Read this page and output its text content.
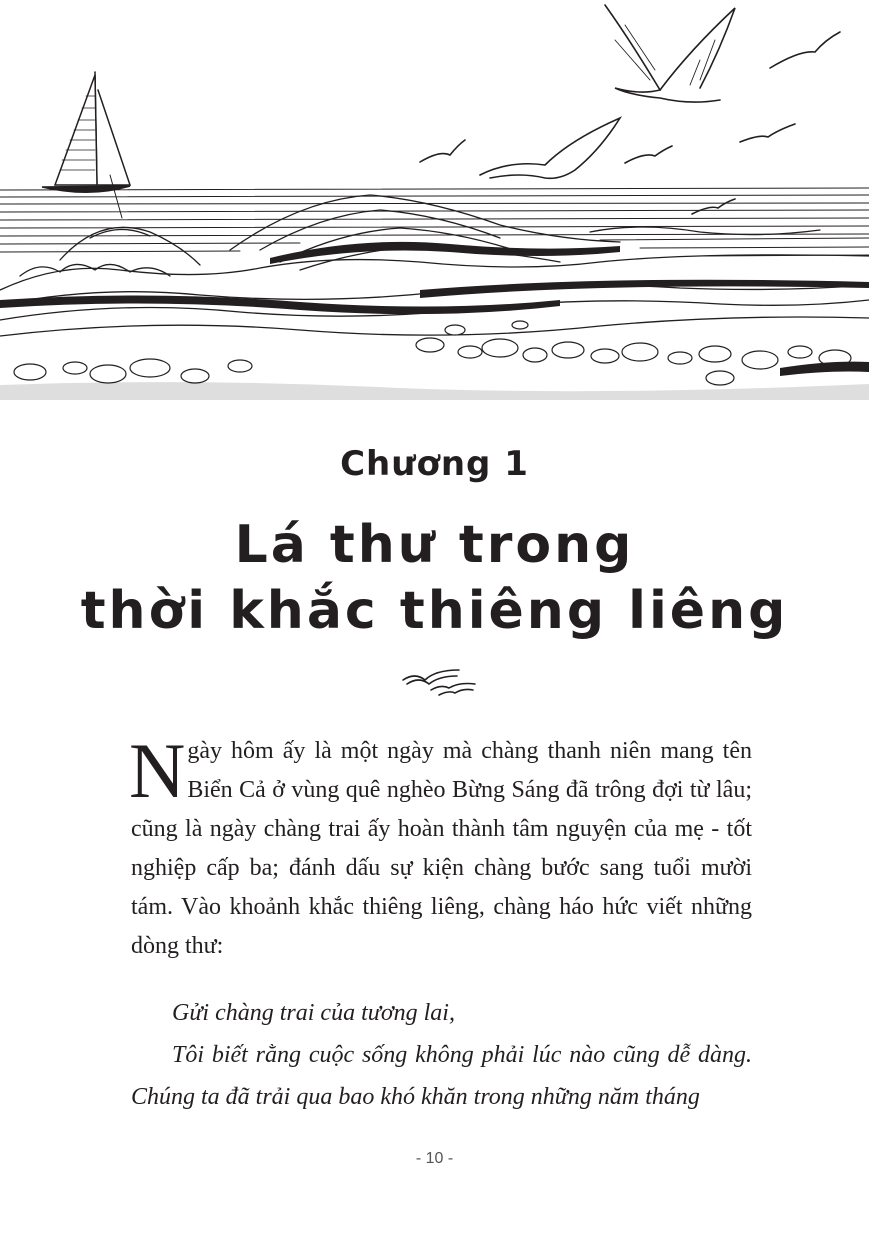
Chương 1
Lá thư trong
thời khắc thiêng liêng
Ngày hôm ấy là một ngày mà chàng thanh niên mang tên Biển Cả ở vùng quê nghèo Bừng Sáng đã trông đợi từ lâu; cũng là ngày chàng trai ấy hoàn thành tâm nguyện của mẹ - tốt nghiệp cấp ba; đánh dấu sự kiện chàng bước sang tuổi mười tám. Vào khoảnh khắc thiêng liêng, chàng háo hức viết những dòng thư:

Gửi chàng trai của tương lai,

Tôi biết rằng cuộc sống không phải lúc nào cũng dễ dàng. Chúng ta đã trải qua bao khó khăn trong những năm tháng

- 10 -
